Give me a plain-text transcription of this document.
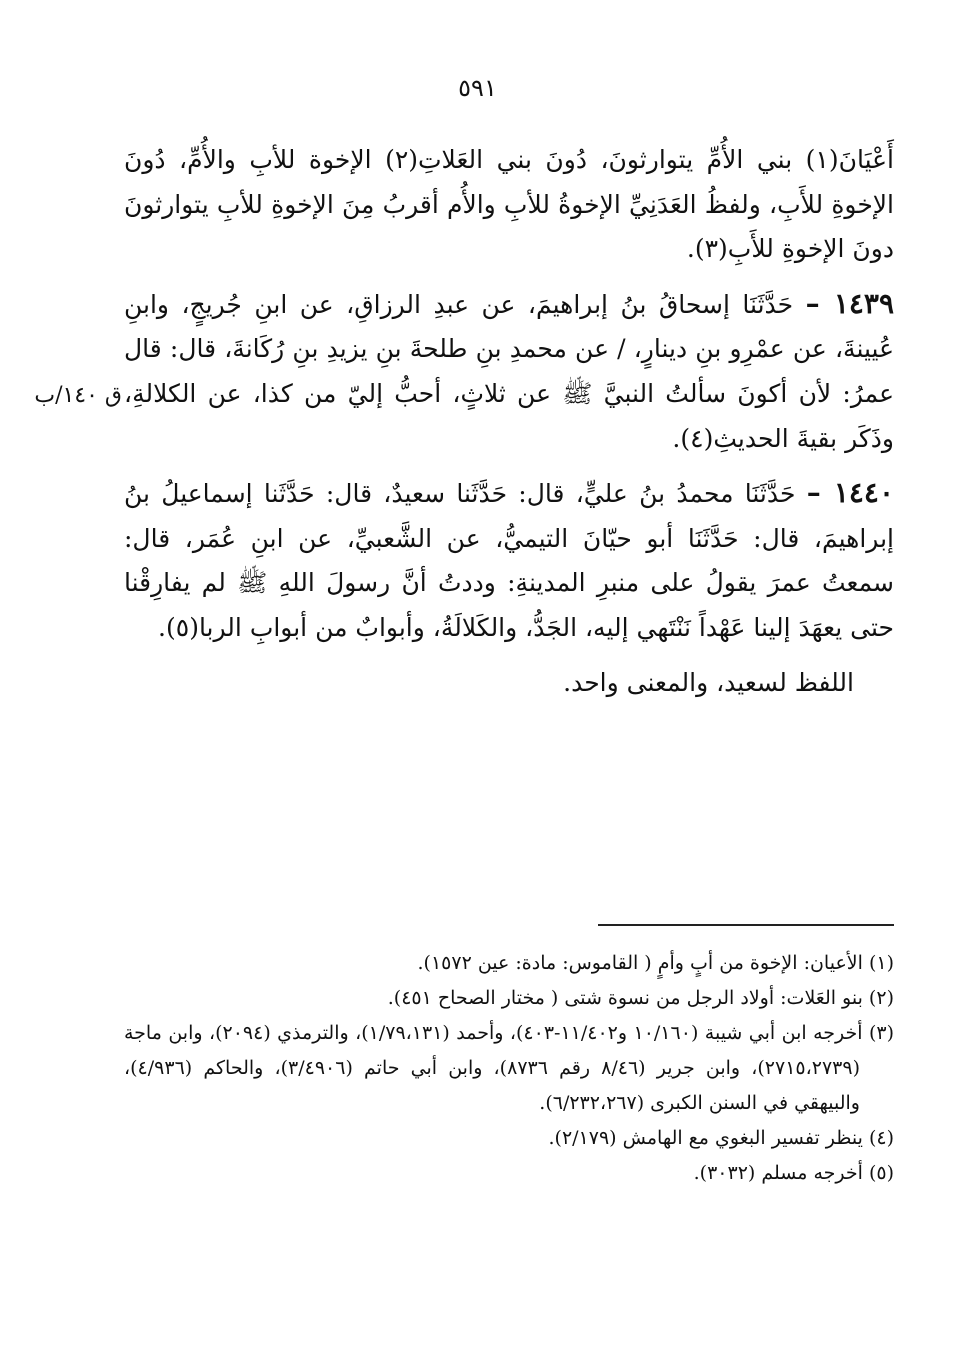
٥٩١
ق ١٤٠/ب

أَعْيَانَ(١) بني الأُمِّ يتوارثونَ، دُونَ بني العَلاتِ(٢) الإخوة للأبِ والأُمِّ، دُونَ الإخوةِ للأَبِ، ولفظُ العَدَنِيِّ الإخوةُ للأبِ والأُم أقربُ مِنَ الإخوةِ للأبِ يتوارثونَ دونَ الإخوةِ للأَبِ(٣).

١٤٣٩ – حَدَّثَنَا إسحاقُ بنُ إبراهيمَ، عن عبدِ الرزاقِ، عن ابنِ جُريجٍ، وابنِ عُيينةَ، عن عمْرِو بنِ دينارٍ، / عن محمدِ بنِ طلحةَ بنِ يزيدِ بنِ رُكَانةَ، قال: قال عمرُ: لأن أكونَ سألتُ النبيَّ ﷺ عن ثلاثٍ، أحبُّ إليّ من كذا، عن الكلالةِ، وذَكَر بقيةَ الحديثِ(٤).

١٤٤٠ – حَدَّثَنَا محمدُ بنُ عليٍّ، قال: حَدَّثَنا سعيدٌ، قال: حَدَّثَنا إسماعيلُ بنُ إبراهيمَ، قال: حَدَّثَنَا أبو حيّانَ التيميُّ، عن الشَّعبيِّ، عن ابنِ عُمَر، قال: سمعتُ عمرَ يقولُ على منبرِ المدينةِ: وددتُ أنَّ رسولَ اللهِ ﷺ لم يفارِقْنا حتى يعهَدَ إلينا عَهْداً نَنْتَهي إليه، الجَدُّ، والكَلالَةُ، وأبوابٌ من أبوابِ الربا(٥).

اللفظ لسعيد، والمعنى واحد.

(١) الأعيان: الإخوة من أبٍ وأمٍ ( القاموس: مادة: عين ١٥٧٢).
(٢) بنو العَلات: أولاد الرجل من نسوة شتى ( مختار الصحاح ٤٥١).
(٣) أخرجه ابن أبي شيبة (١٠/١٦٠ و١١/٤٠٢-٤٠٣)، وأحمد (١/٧٩،١٣١)، والترمذي (٢٠٩٤)، وابن ماجة (٢٧١٥،٢٧٣٩)، وابن جرير (٨/٤٦ رقم ٨٧٣٦)، وابن أبي حاتم (٣/٤٩٠٦)، والحاكم (٤/٩٣٦)، والبيهقي في السنن الكبرى (٦/٢٣٢،٢٦٧).
(٤) ينظر تفسير البغوي مع الهامش (٢/١٧٩).
(٥) أخرجه مسلم (٣٠٣٢).
